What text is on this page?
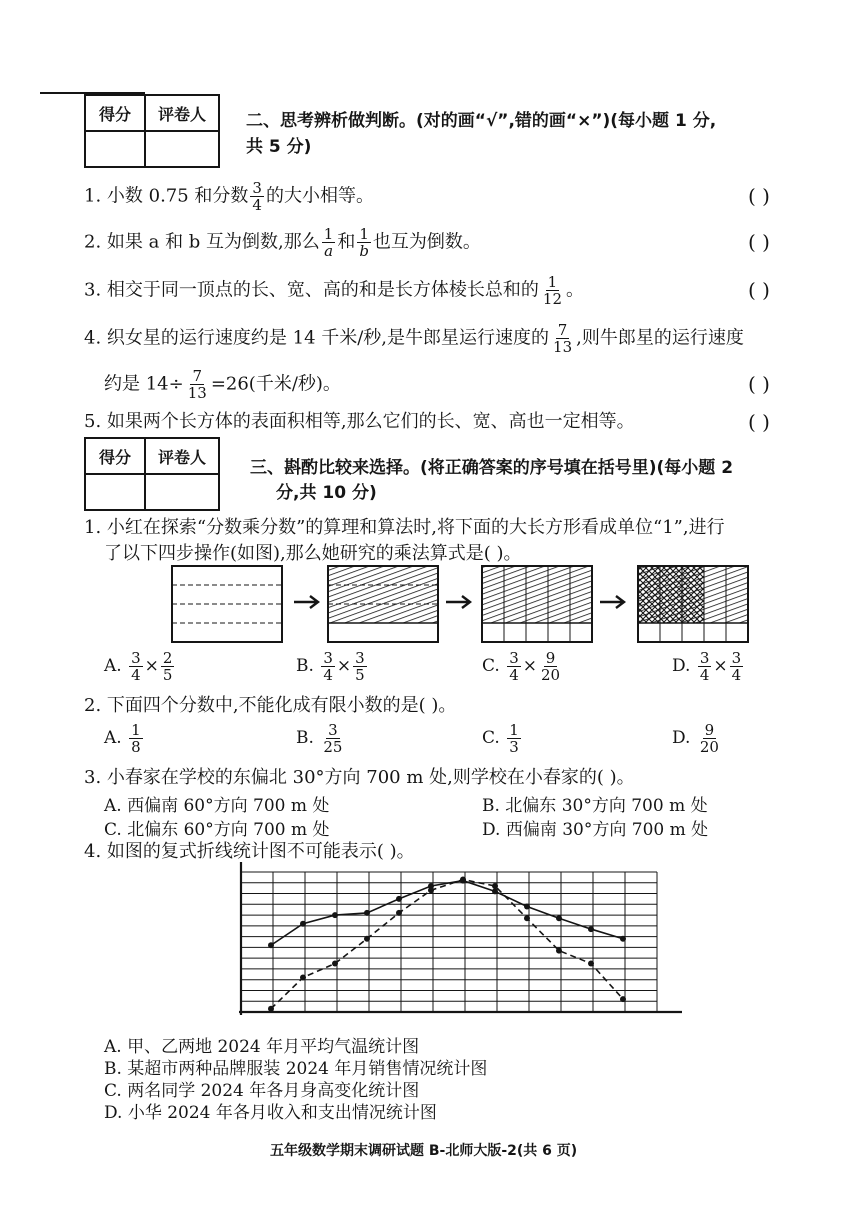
得分	评卷人
	二、思考辨析做判断。(对的画“√”,错的画“×”)(每小题 1 分,
共 5 分)
1. 小数 0.75 和分数 $\frac{3}{4}$ 的大小相等。	( )
2. 如果 a 和 b 互为倒数,那么 $\frac{1}{a}$ 和 $\frac{1}{b}$ 也互为倒数。	( )
3. 相交于同一顶点的长、宽、高的和是长方体棱长总和的 $\frac{1}{12}$ 。	( )
4. 织女星的运行速度约是 14 千米/秒,是牛郎星运行速度的 $\frac{7}{13}$ ,则牛郎星的运行速度
约是 $14\div \frac{7}{13} =26$(千米/秒)。	( )
5. 如果两个长方体的表面积相等,那么它们的长、宽、高也一定相等。	( )
得分	评卷人

三、斟酌比较来选择。(将正确答案的序号填在括号里)(每小题 2
分,共 10 分)
1. 小红在探索“分数乘分数”的算理和算法时,将下面的大长方形看成单位“1”,进行
了以下四步操作(如图),那么她研究的乘法算式是( )。
A. $\frac{3}{4} \times \frac{2}{5}$	B. $\frac{3}{4} \times \frac{3}{5}$	C. $\frac{3}{4} \times \frac{9}{20}$	D. $\frac{3}{4} \times \frac{3}{4}$
2. 下面四个分数中,不能化成有限小数的是( )。
A. $\frac{1}{8}$	B. $\frac{3}{25}$	C. $\frac{1}{3}$	D. $\frac{9}{20}$
3. 小春家在学校的东偏北 30°方向 700 m 处,则学校在小春家的( )。
A. 西偏南 60°方向 700 m 处	B. 北偏东 30°方向 700 m 处
C. 北偏东 60°方向 700 m 处	D. 西偏南 30°方向 700 m 处
4. 如图的复式折线统计图不可能表示( )。
A. 甲、乙两地 2024 年月平均气温统计图
B. 某超市两种品牌服装 2024 年月销售情况统计图
C. 两名同学 2024 年各月身高变化统计图
D. 小华 2024 年各月收入和支出情况统计图
五年级数学期末调研试题 B-北师大版-2(共 6 页)
